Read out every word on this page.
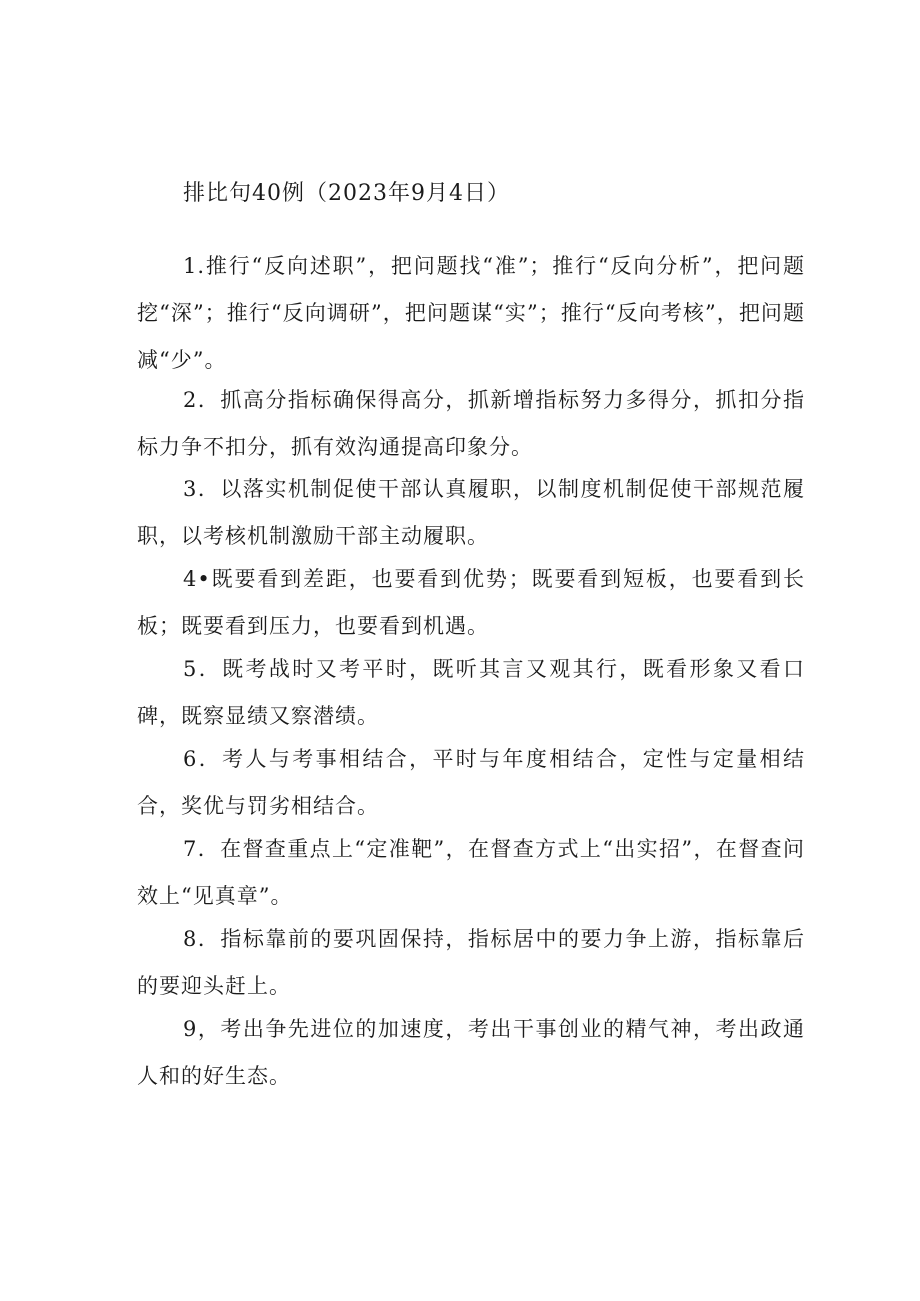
排比句40例（2023年9月4日）

1.推行“反向述职”，把问题找“准”；推行“反向分析”，把问题挖“深”；推行“反向调研”，把问题谋“实”；推行“反向考核”，把问题减“少”。

2．抓高分指标确保得高分，抓新增指标努力多得分，抓扣分指标力争不扣分，抓有效沟通提高印象分。

3．以落实机制促使干部认真履职，以制度机制促使干部规范履职，以考核机制激励干部主动履职。

4•既要看到差距，也要看到优势；既要看到短板，也要看到长板；既要看到压力，也要看到机遇。

5．既考战时又考平时，既听其言又观其行，既看形象又看口碑，既察显绩又察潜绩。

6．考人与考事相结合，平时与年度相结合，定性与定量相结合，奖优与罚劣相结合。

7．在督查重点上“定准靶”，在督查方式上“出实招”，在督查问效上“见真章”。

8．指标靠前的要巩固保持，指标居中的要力争上游，指标靠后的要迎头赶上。

9，考出争先进位的加速度，考出干事创业的精气神，考出政通人和的好生态。
